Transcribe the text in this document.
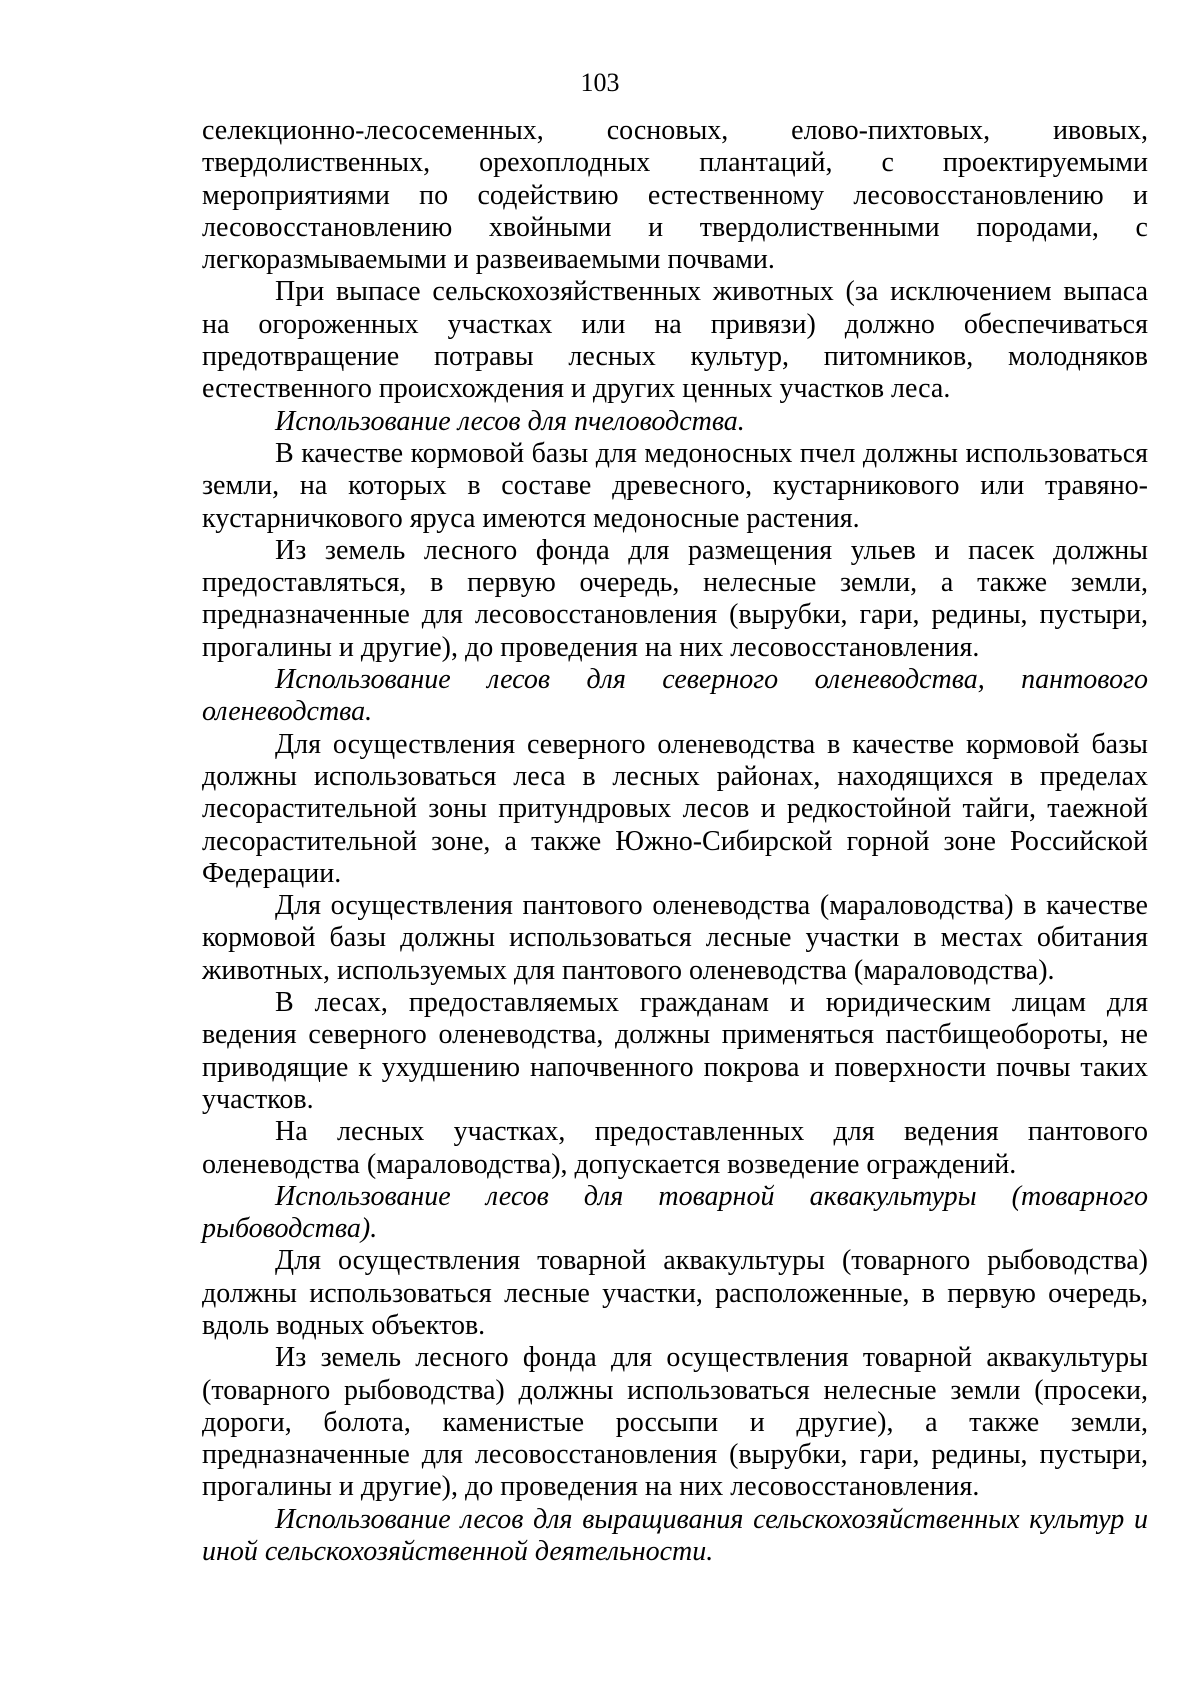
103

селекционно-лесосеменных, сосновых, елово-пихтовых, ивовых, твердолиственных, орехоплодных плантаций, с проектируемыми мероприятиями по содействию естественному лесовосстановлению и лесовосстановлению хвойными и твердолиственными породами, с легкоразмываемыми и развеиваемыми почвами.

При выпасе сельскохозяйственных животных (за исключением выпаса на огороженных участках или на привязи) должно обеспечиваться предотвращение потравы лесных культур, питомников, молодняков естественного происхождения и других ценных участков леса.

Использование лесов для пчеловодства.

В качестве кормовой базы для медоносных пчел должны использоваться земли, на которых в составе древесного, кустарникового или травяно-кустарничкового яруса имеются медоносные растения.

Из земель лесного фонда для размещения ульев и пасек должны предоставляться, в первую очередь, нелесные земли, а также земли, предназначенные для лесовосстановления (вырубки, гари, редины, пустыри, прогалины и другие), до проведения на них лесовосстановления.

Использование лесов для северного оленеводства, пантового оленеводства.

Для осуществления северного оленеводства в качестве кормовой базы должны использоваться леса в лесных районах, находящихся в пределах лесорастительной зоны притундровых лесов и редкостойной тайги, таежной лесорастительной зоне, а также Южно-Сибирской горной зоне Российской Федерации.

Для осуществления пантового оленеводства (мараловодства) в качестве кормовой базы должны использоваться лесные участки в местах обитания животных, используемых для пантового оленеводства (мараловодства).

В лесах, предоставляемых гражданам и юридическим лицам для ведения северного оленеводства, должны применяться пастбищеобороты, не приводящие к ухудшению напочвенного покрова и поверхности почвы таких участков.

На лесных участках, предоставленных для ведения пантового оленеводства (мараловодства), допускается возведение ограждений.

Использование лесов для товарной аквакультуры (товарного рыбоводства).

Для осуществления товарной аквакультуры (товарного рыбоводства) должны использоваться лесные участки, расположенные, в первую очередь, вдоль водных объектов.

Из земель лесного фонда для осуществления товарной аквакультуры (товарного рыбоводства) должны использоваться нелесные земли (просеки, дороги, болота, каменистые россыпи и другие), а также земли, предназначенные для лесовосстановления (вырубки, гари, редины, пустыри, прогалины и другие), до проведения на них лесовосстановления.

Использование лесов для выращивания сельскохозяйственных культур и иной сельскохозяйственной деятельности.
